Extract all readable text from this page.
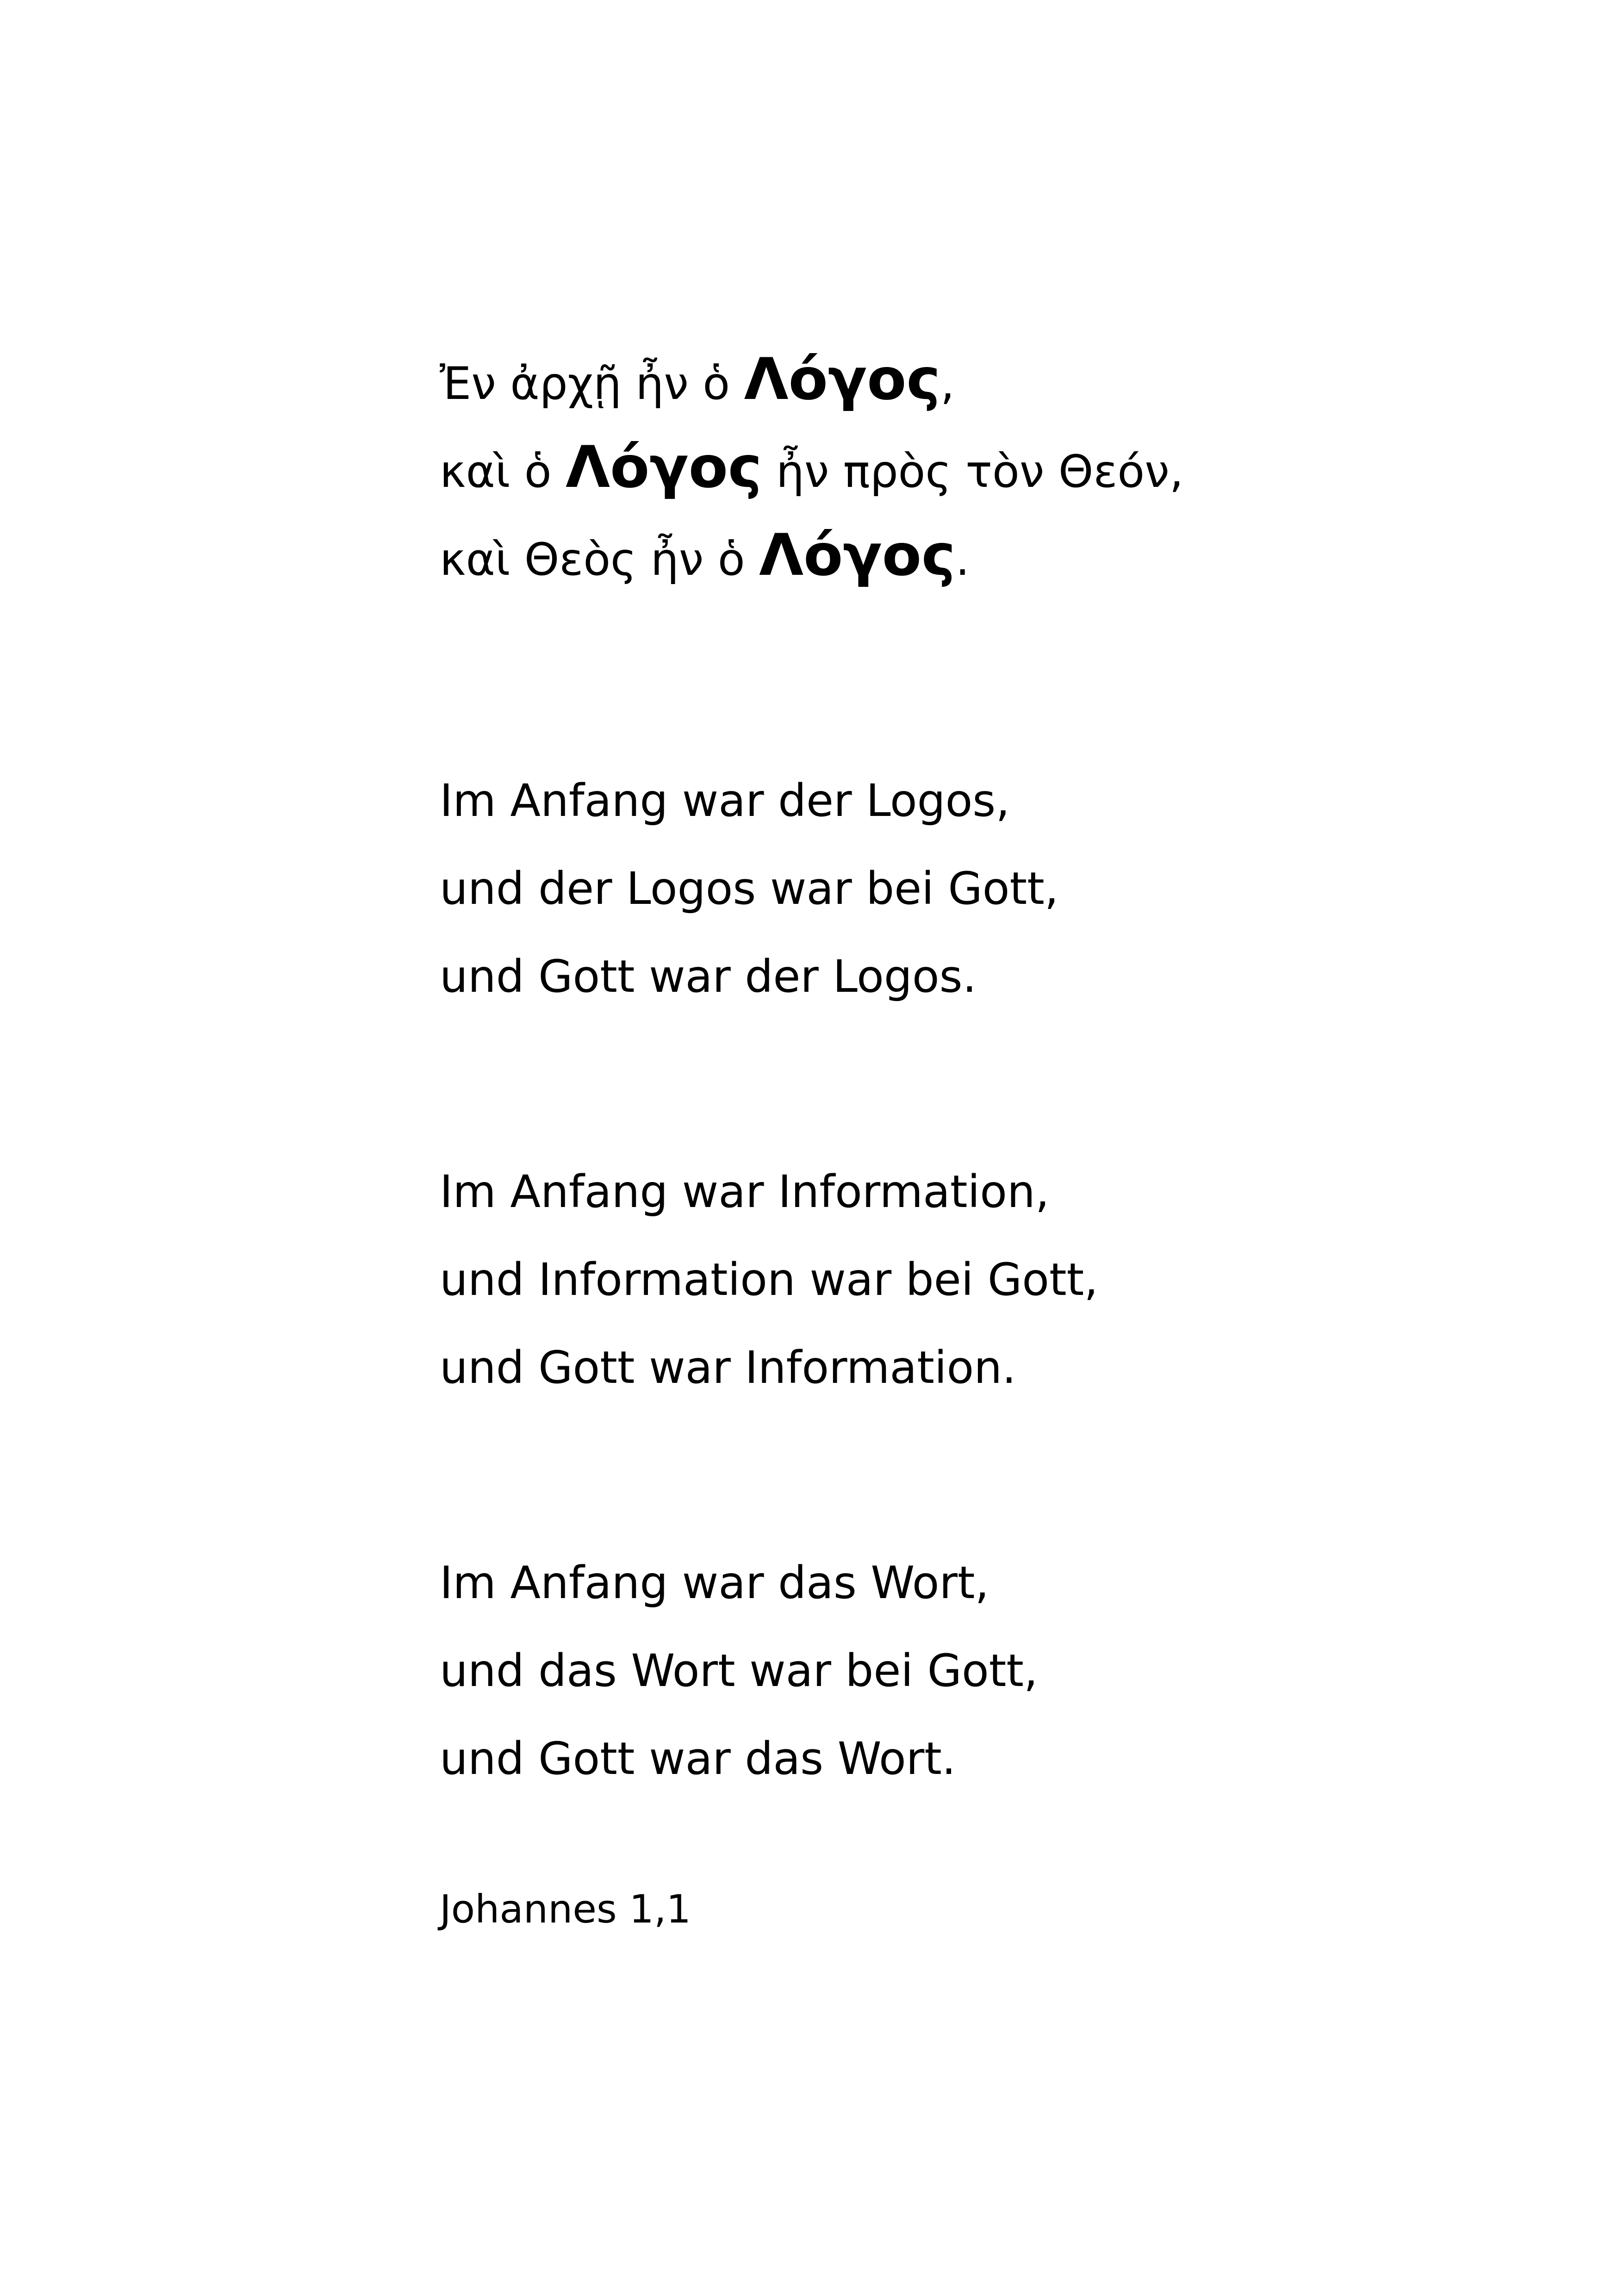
Ἐν ἀρχῇ ἦν ὁ Λόγος,
καὶ ὁ Λόγος ἦν πρὸς τὸν Θεόν,
καὶ Θεὸς ἦν ὁ Λόγος.
Im Anfang war der Logos,
und der Logos war bei Gott,
und Gott war der Logos.
Im Anfang war Information,
und Information war bei Gott,
und Gott war Information.
Im Anfang war das Wort,
und das Wort war bei Gott,
und Gott war das Wort.
Johannes 1,1
